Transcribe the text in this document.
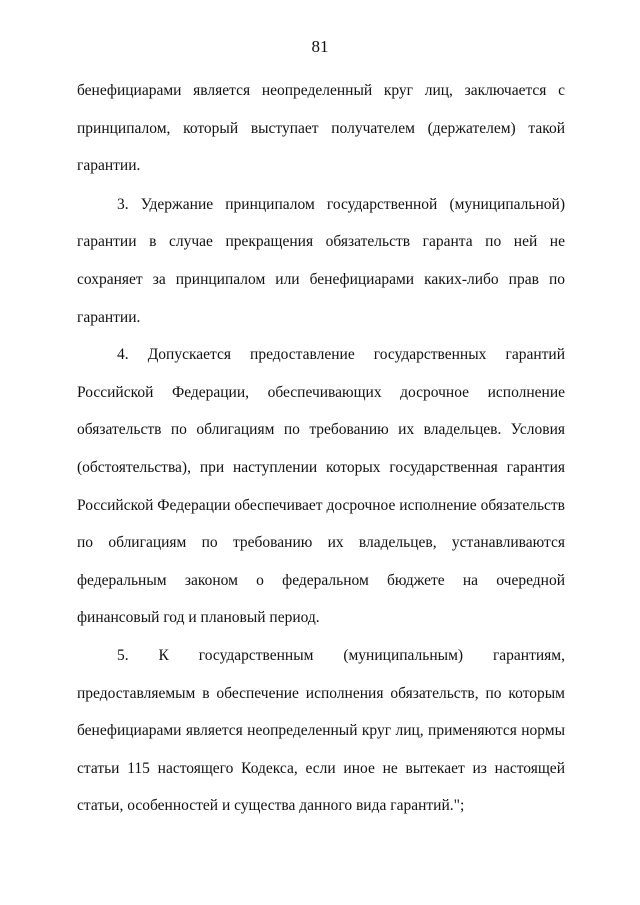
81

бенефициарами является неопределенный круг лиц, заключается с принципалом, который выступает получателем (держателем) такой гарантии.

3. Удержание принципалом государственной (муниципальной) гарантии в случае прекращения обязательств гаранта по ней не сохраняет за принципалом или бенефициарами каких-либо прав по гарантии.

4. Допускается предоставление государственных гарантий Российской Федерации, обеспечивающих досрочное исполнение обязательств по облигациям по требованию их владельцев. Условия (обстоятельства), при наступлении которых государственная гарантия Российской Федерации обеспечивает досрочное исполнение обязательств по облигациям по требованию их владельцев, устанавливаются федеральным законом о федеральном бюджете на очередной финансовый год и плановый период.

5. К государственным (муниципальным) гарантиям, предоставляемым в обеспечение исполнения обязательств, по которым бенефициарами является неопределенный круг лиц, применяются нормы статьи 115 настоящего Кодекса, если иное не вытекает из настоящей статьи, особенностей и существа данного вида гарантий.";
